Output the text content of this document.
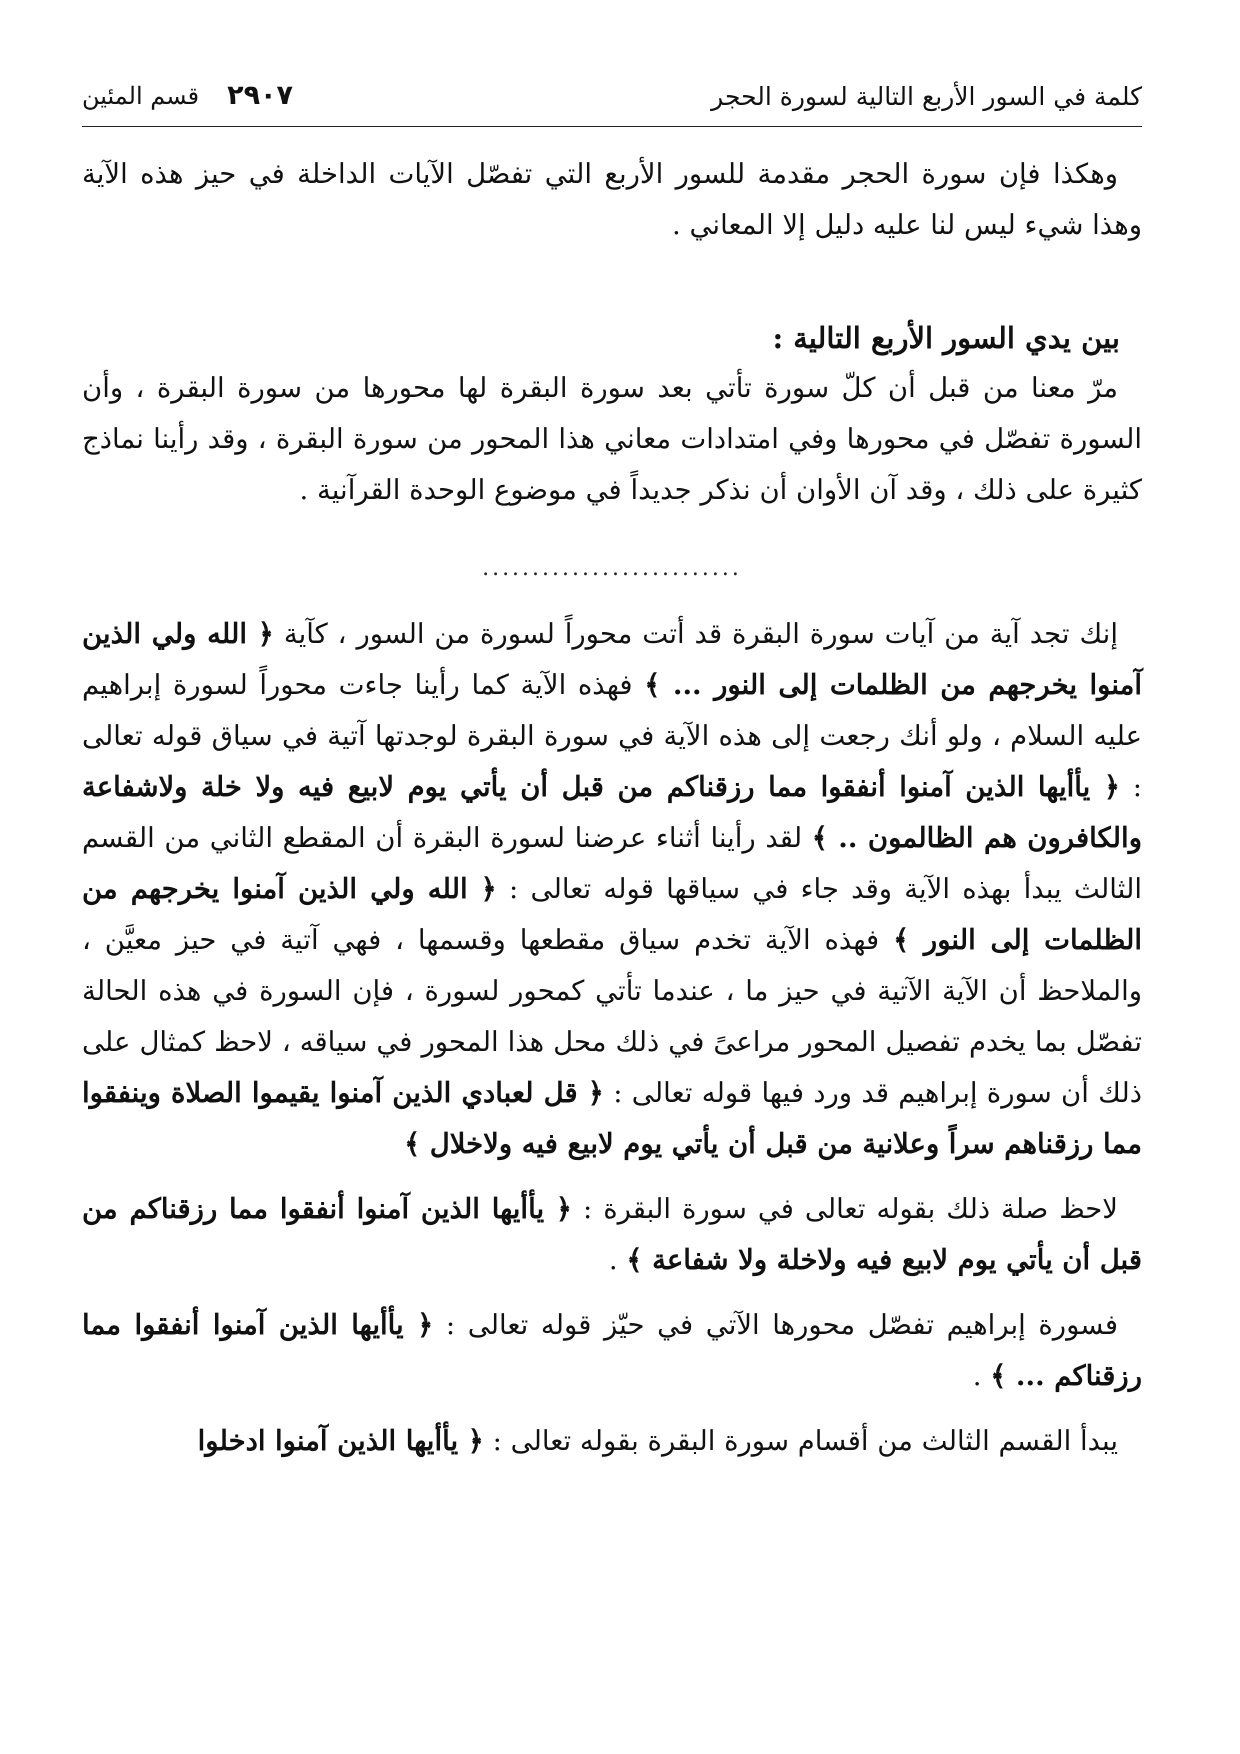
كلمة في السور الأربع التالية لسورة الحجر
قسم المئين ٢٩٠٧

وهكذا فإن سورة الحجر مقدمة للسور الأربع التي تفصّل الآيات الداخلة في حيز هذه الآية وهذا شيء ليس لنا عليه دليل إلا المعاني .

بين يدي السور الأربع التالية :

مرّ معنا من قبل أن كلّ سورة تأتي بعد سورة البقرة لها محورها من سورة البقرة ، وأن السورة تفصّل في محورها وفي امتدادات معاني هذا المحور من سورة البقرة ، وقد رأينا نماذج كثيرة على ذلك ، وقد آن الأوان أن نذكر جديداً في موضوع الوحدة القرآنية .

..........................

إنك تجد آية من آيات سورة البقرة قد أتت محوراً لسورة من السور ، كآية ﴿ الله ولي الذين آمنوا يخرجهم من الظلمات إلى النور ... ﴾ فهذه الآية كما رأينا جاءت محوراً لسورة إبراهيم عليه السلام ، ولو أنك رجعت إلى هذه الآية في سورة البقرة لوجدتها آتية في سياق قوله تعالى : ﴿ يأأيها الذين آمنوا أنفقوا مما رزقناكم من قبل أن يأتي يوم لابيع فيه ولا خلة ولاشفاعة والكافرون هم الظالمون .. ﴾ لقد رأينا أثناء عرضنا لسورة البقرة أن المقطع الثاني من القسم الثالث يبدأ بهذه الآية وقد جاء في سياقها قوله تعالى : ﴿ الله ولي الذين آمنوا يخرجهم من الظلمات إلى النور ﴾ فهذه الآية تخدم سياق مقطعها وقسمها ، فهي آتية في حيز معيَّن ، والملاحظ أن الآية الآتية في حيز ما ، عندما تأتي كمحور لسورة ، فإن السورة في هذه الحالة تفصّل بما يخدم تفصيل المحور مراعىً في ذلك محل هذا المحور في سياقه ، لاحظ كمثال على ذلك أن سورة إبراهيم قد ورد فيها قوله تعالى : ﴿ قل لعبادي الذين آمنوا يقيموا الصلاة وينفقوا مما رزقناهم سراً وعلانية من قبل أن يأتي يوم لابيع فيه ولاخلال ﴾

لاحظ صلة ذلك بقوله تعالى في سورة البقرة : ﴿ يأأيها الذين آمنوا أنفقوا مما رزقناكم من قبل أن يأتي يوم لابيع فيه ولاخلة ولا شفاعة ﴾ .

فسورة إبراهيم تفصّل محورها الآتي في حيّز قوله تعالى : ﴿ يأأيها الذين آمنوا أنفقوا مما رزقناكم ... ﴾ .

يبدأ القسم الثالث من أقسام سورة البقرة بقوله تعالى : ﴿ يأأيها الذين آمنوا ادخلوا
